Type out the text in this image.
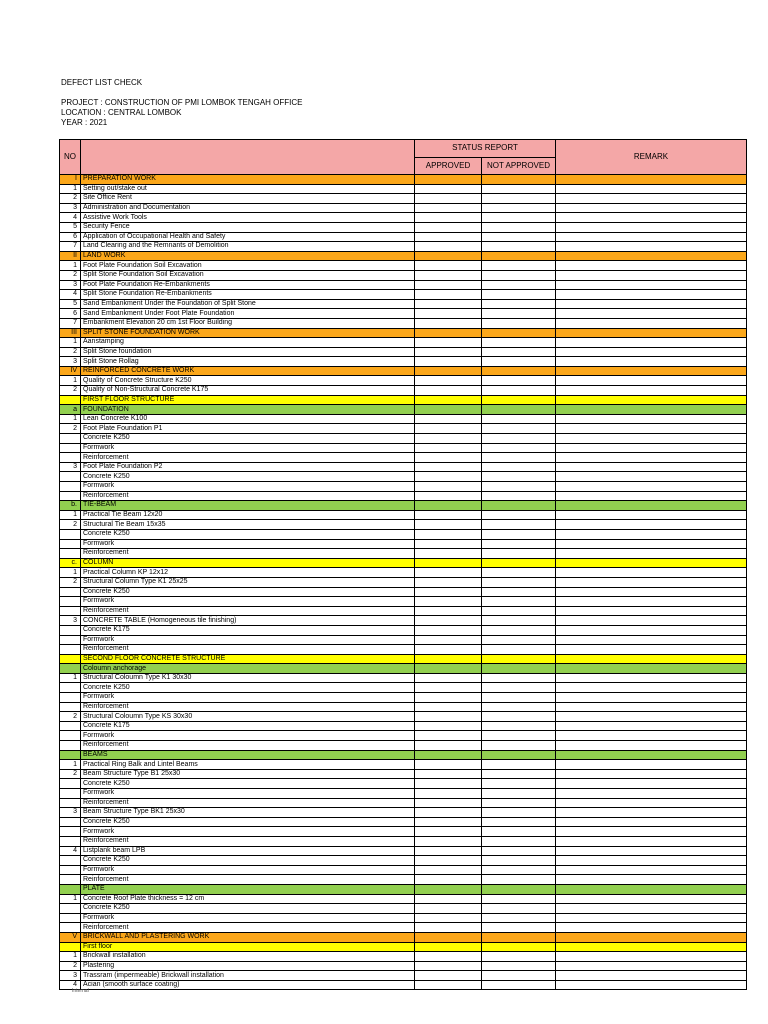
DEFECT LIST CHECK
PROJECT : CONSTRUCTION OF PMI LOMBOK TENGAH OFFICE
LOCATION : CENTRAL LOMBOK
YEAR : 2021
NO		STATUS REPORT		REMARK
		APPROVED	NOT APPROVED	
I	PREPARATION WORK			
1	Setting out/stake out			
2	Site Office Rent			
3	Administration and Documentation			
4	Assistive Work Tools			
5	Security Fence			
6	Application of Occupational Health and Safety			
7	Land Clearing and the Remnants of Demolition			
II	LAND WORK			
1	Foot Plate Foundation Soil Excavation			
2	Split Stone Foundation Soil Excavation			
3	Foot Plate Foundation Re-Embankments			
4	Split Stone Foundation Re-Embankments			
5	Sand Embankment Under the Foundation of Split Stone			
6	Sand Embankment Under Foot Plate Foundation			
7	Embankment Elevation 20 cm 1st Floor Building			
III	SPLIT STONE FOUNDATION WORK			
1	Aanstamping			
2	Split Stone foundation			
3	Split Stone Rollag			
IV	REINFORCED CONCRETE WORK			
1	Quality of Concrete Structure K250			
2	Quality of Non-Structural Concrete K175			
	FIRST FLOOR STRUCTURE			
a	FOUNDATION			
1	Lean Concrete K100			
2	Foot Plate Foundation P1			
	Concrete K250			
	Formwork			
	Reinforcement			
3	Foot Plate Foundation P2			
	Concrete K250			
	Formwork			
	Reinforcement			
b.	TIE-BEAM			
1	Practical Tie Beam 12x20			
2	Structural Tie Beam 15x35			
	Concrete K250			
	Formwork			
	Reinforcement			
c.	COLUMN			
1	Practical Column KP 12x12			
2	Structural Column Type K1 25x25			
	Concrete K250			
	Formwork			
	Reinforcement			
3	CONCRETE TABLE (Homogeneous tile finishing)			
	Concrete K175			
	Formwork			
	Reinforcement			
	SECOND FLOOR CONCRETE STRUCTURE			
	Coloumn anchorage			
1	Structural Coloumn Type K1 30x30			
	Concrete K250			
	Formwork			
	Reinforcement			
2	Structural Coloumn Type KS 30x30			
	Concrete K175			
	Formwork			
	Reinforcement			
	BEAMS			
1	Practical Ring Balk and Lintel Beams			
2	Beam Structure Type B1 25x30			
	Concrete K250			
	Formwork			
	Reinforcement			
3	Beam Structure Type BK1 25x30			
	Concrete K250			
	Formwork			
	Reinforcement			
4	Listplank beam LPB			
	Concrete K250			
	Formwork			
	Reinforcement			
	PLATE			
1	Concrete Roof Plate thickness = 12 cm			
	Concrete K250			
	Formwork			
	Reinforcement			
V	BRICKWALL AND PLASTERING WORK			
	First floor			
1	Brickwall installation			
2	Plastering			
3	Trassram (impermeable) Brickwall installation			
4	Acian (smooth surface coating)			
Internal
